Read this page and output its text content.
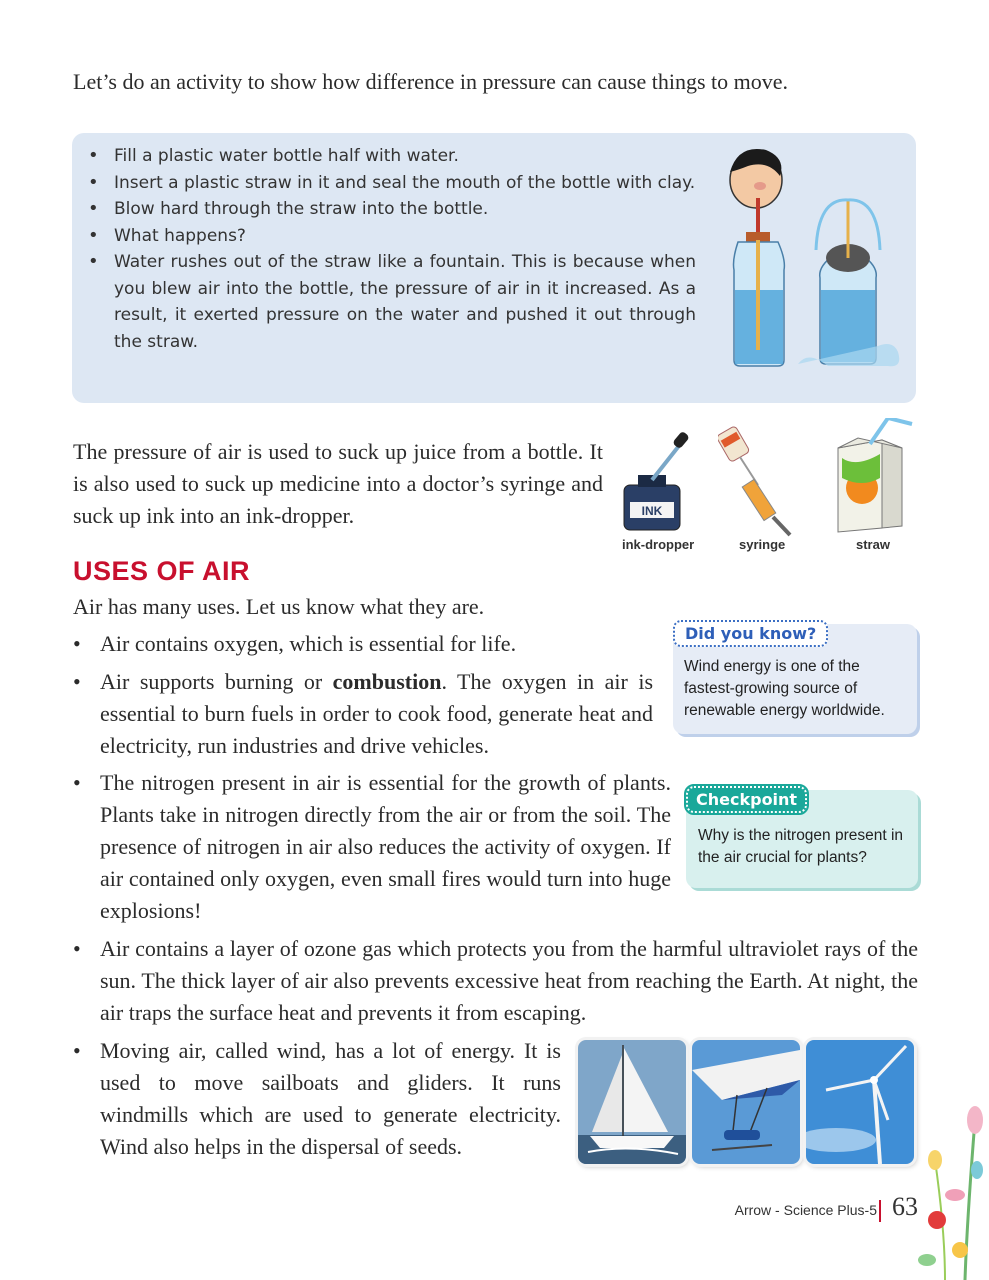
Let’s do an activity to show how difference in pressure can cause things to move.
• Fill a plastic water bottle half with water.
• Insert a plastic straw in it and seal the mouth of the bottle with clay.
• Blow hard through the straw into the bottle.
• What happens?
• Water rushes out of the straw like a fountain. This is because when you blew air into the bottle, the pressure of air in it increased. As a result, it exerted pressure on the water and pushed it out through the straw.
The pressure of air is used to suck up juice from a bottle. It is also used to suck up medicine into a doctor’s syringe and suck up ink into an ink-dropper.	INK
ink-dropper	syringe	straw
USES OF AIR
Air has many uses. Let us know what they are.
• Air contains oxygen, which is essential for life.
• Air supports burning or combustion. The oxygen in air is essential to burn fuels in order to cook food, generate heat and electricity, run industries and drive vehicles.
• The nitrogen present in air is essential for the growth of plants. Plants take in nitrogen directly from the air or from the soil. The presence of nitrogen in air also reduces the activity of oxygen. If air contained only oxygen, even small fires would turn into huge explosions!
• Air contains a layer of ozone gas which protects you from the harmful ultraviolet rays of the sun. The thick layer of air also prevents excessive heat from reaching the Earth. At night, the air traps the surface heat and prevents it from escaping.
• Moving air, called wind, has a lot of energy. It is used to move sailboats and gliders. It runs windmills which are used to generate electricity. Wind also helps in the dispersal of seeds.
Did you know?
Wind energy is one of the fastest-growing source of renewable energy worldwide.
Checkpoint
Why is the nitrogen present in the air crucial for plants?
Arrow - Science Plus-5 63
